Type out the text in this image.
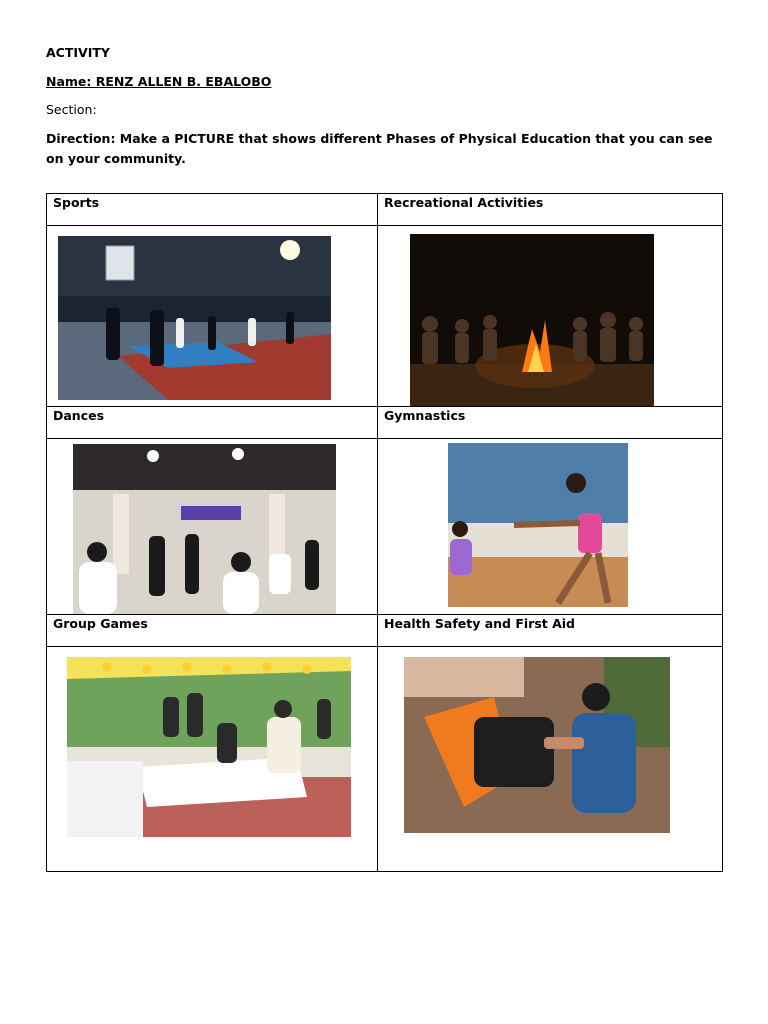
ACTIVITY
Name: RENZ ALLEN B. EBALOBO
Section:
Direction: Make a PICTURE that shows different Phases of Physical Education that you can see on your community.
Sports	Recreational Activities

Dances	Gymnastics

Group Games	Health Safety and First Aid
